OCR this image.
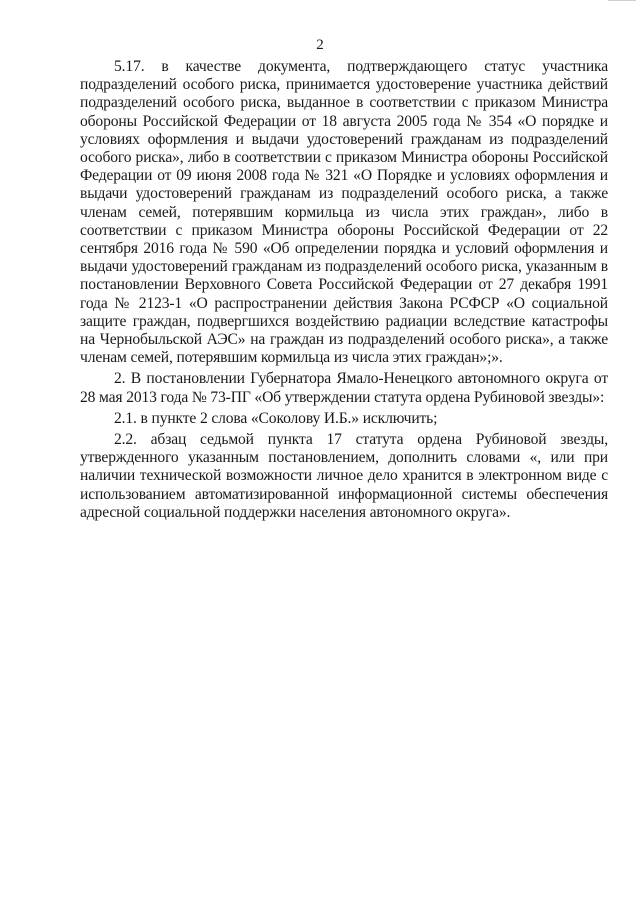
2

5.17. в качестве документа, подтверждающего статус участника подразделений особого риска, принимается удостоверение участника действий подразделений особого риска, выданное в соответствии с приказом Министра обороны Российской Федерации от 18 августа 2005 года № 354 «О порядке и условиях оформления и выдачи удостоверений гражданам из подразделений особого риска», либо в соответствии с приказом Министра обороны Российской Федерации от 09 июня 2008 года № 321 «О Порядке и условиях оформления и выдачи удостоверений гражданам из подразделений особого риска, а также членам семей, потерявшим кормильца из числа этих граждан», либо в соответствии с приказом Министра обороны Российской Федерации от 22 сентября 2016 года № 590 «Об определении порядка и условий оформления и выдачи удостоверений гражданам из подразделений особого риска, указанным в постановлении Верховного Совета Российской Федерации от 27 декабря 1991 года № 2123-1 «О распространении действия Закона РСФСР «О социальной защите граждан, подвергшихся воздействию радиации вследствие катастрофы на Чернобыльской АЭС» на граждан из подразделений особого риска», а также членам семей, потерявшим кормильца из числа этих граждан»;».

2. В постановлении Губернатора Ямало-Ненецкого автономного округа от 28 мая 2013 года № 73-ПГ «Об утверждении статута ордена Рубиновой звезды»:

2.1. в пункте 2 слова «Соколову И.Б.» исключить;

2.2. абзац седьмой пункта 17 статута ордена Рубиновой звезды, утвержденного указанным постановлением, дополнить словами «, или при наличии технической возможности личное дело хранится в электронном виде с использованием автоматизированной информационной системы обеспечения адресной социальной поддержки населения автономного округа».
